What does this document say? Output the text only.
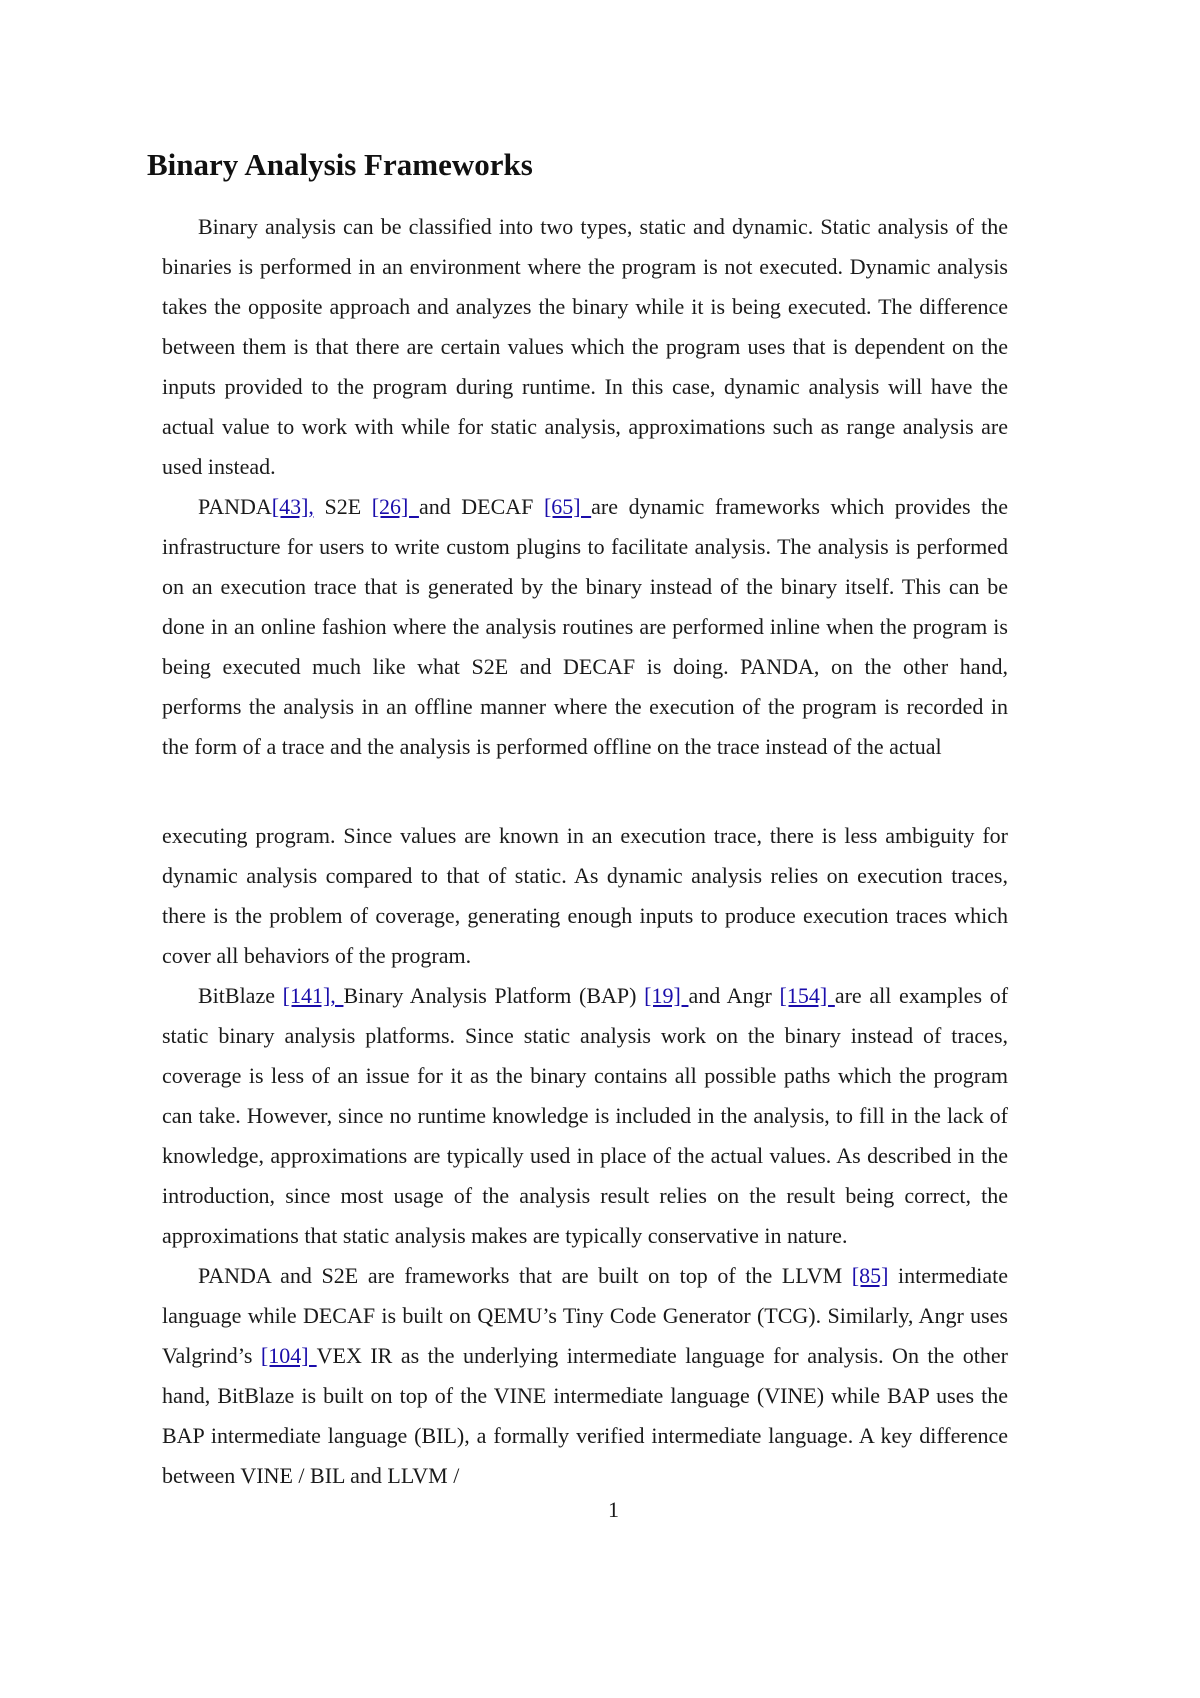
Binary Analysis Frameworks

Binary analysis can be classified into two types, static and dynamic. Static analysis of the binaries is performed in an environment where the program is not executed. Dynamic analysis takes the opposite approach and analyzes the binary while it is being executed. The difference between them is that there are certain values which the program uses that is dependent on the inputs provided to the program during runtime. In this case, dynamic analysis will have the actual value to work with while for static analysis, approximations such as range analysis are used instead.

PANDA[43], S2E [26] and DECAF [65] are dynamic frameworks which provides the infrastructure for users to write custom plugins to facilitate analysis. The analysis is performed on an execution trace that is generated by the binary instead of the binary itself. This can be done in an online fashion where the analysis routines are performed inline when the program is being executed much like what S2E and DECAF is doing. PANDA, on the other hand, performs the analysis in an offline manner where the execution of the program is recorded in the form of a trace and the analysis is performed offline on the trace instead of the actual

executing program. Since values are known in an execution trace, there is less ambiguity for dynamic analysis compared to that of static. As dynamic analysis relies on execution traces, there is the problem of coverage, generating enough inputs to produce execution traces which cover all behaviors of the program.

BitBlaze [141], Binary Analysis Platform (BAP) [19] and Angr [154] are all examples of static binary analysis platforms. Since static analysis work on the binary instead of traces, coverage is less of an issue for it as the binary contains all possible paths which the program can take. However, since no runtime knowledge is included in the analysis, to fill in the lack of knowledge, approximations are typically used in place of the actual values. As described in the introduction, since most usage of the analysis result relies on the result being correct, the approximations that static analysis makes are typically conservative in nature.

PANDA and S2E are frameworks that are built on top of the LLVM [85] intermediate language while DECAF is built on QEMU’s Tiny Code Generator (TCG). Similarly, Angr uses Valgrind’s [104] VEX IR as the underlying intermediate language for analysis. On the other hand, BitBlaze is built on top of the VINE intermediate language (VINE) while BAP uses the BAP intermediate language (BIL), a formally verified intermediate language. A key difference between VINE / BIL and LLVM /

1
